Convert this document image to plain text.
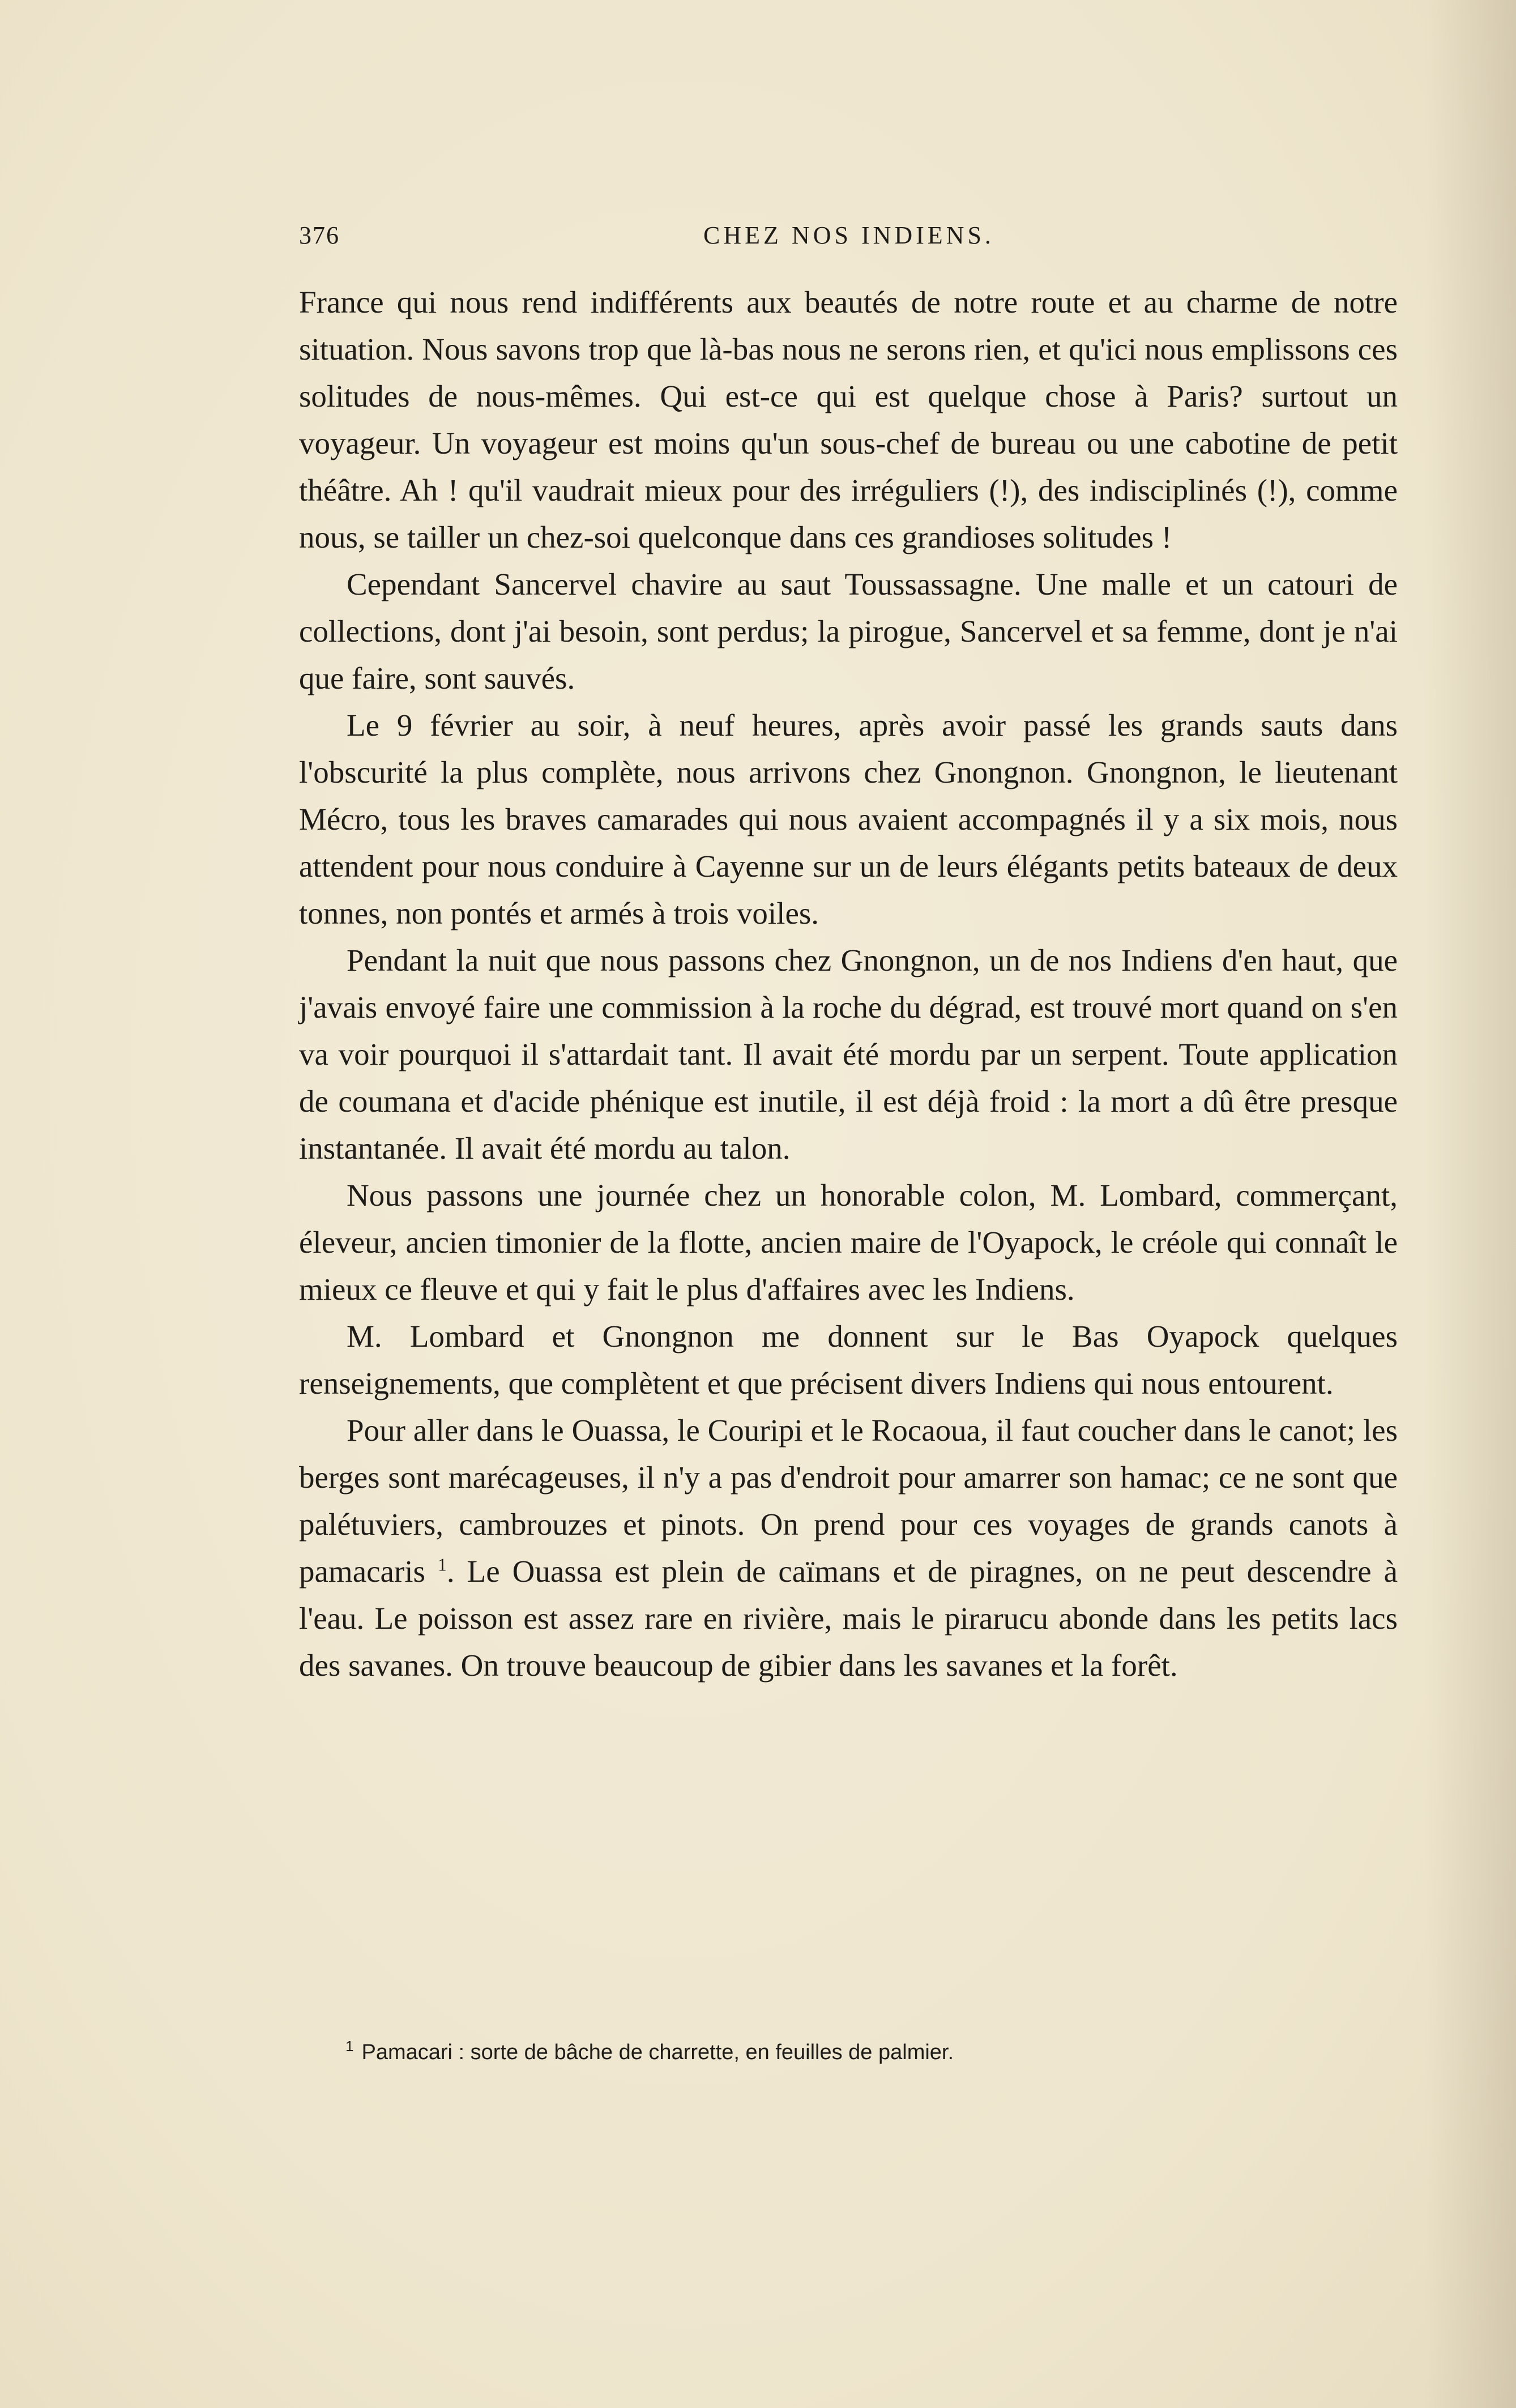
376	CHEZ NOS INDIENS.

France qui nous rend indifférents aux beautés de notre route et au charme de notre situation. Nous savons trop que là-bas nous ne serons rien, et qu'ici nous emplissons ces solitudes de nous-mêmes. Qui est-ce qui est quelque chose à Paris? surtout un voyageur. Un voyageur est moins qu'un sous-chef de bureau ou une cabotine de petit théâtre. Ah ! qu'il vaudrait mieux pour des irréguliers (!), des indisciplinés (!), comme nous, se tailler un chez-soi quelconque dans ces grandioses solitudes !

Cependant Sancervel chavire au saut Toussassagne. Une malle et un catouri de collections, dont j'ai besoin, sont perdus; la pirogue, Sancervel et sa femme, dont je n'ai que faire, sont sauvés.

Le 9 février au soir, à neuf heures, après avoir passé les grands sauts dans l'obscurité la plus complète, nous arrivons chez Gnongnon. Gnongnon, le lieutenant Mécro, tous les braves camarades qui nous avaient accompagnés il y a six mois, nous attendent pour nous conduire à Cayenne sur un de leurs élégants petits bateaux de deux tonnes, non pontés et armés à trois voiles.

Pendant la nuit que nous passons chez Gnongnon, un de nos Indiens d'en haut, que j'avais envoyé faire une commission à la roche du dégrad, est trouvé mort quand on s'en va voir pourquoi il s'attardait tant. Il avait été mordu par un serpent. Toute application de coumana et d'acide phénique est inutile, il est déjà froid : la mort a dû être presque instantanée. Il avait été mordu au talon.

Nous passons une journée chez un honorable colon, M. Lombard, commerçant, éleveur, ancien timonier de la flotte, ancien maire de l'Oyapock, le créole qui connaît le mieux ce fleuve et qui y fait le plus d'affaires avec les Indiens.

M. Lombard et Gnongnon me donnent sur le Bas Oyapock quelques renseignements, que complètent et que précisent divers Indiens qui nous entourent.

Pour aller dans le Ouassa, le Couripi et le Rocaoua, il faut coucher dans le canot; les berges sont marécageuses, il n'y a pas d'endroit pour amarrer son hamac; ce ne sont que palétuviers, cambrouzes et pinots. On prend pour ces voyages de grands canots à pamacaris $^1$. Le Ouassa est plein de caïmans et de piragnes, on ne peut descendre à l'eau. Le poisson est assez rare en rivière, mais le pirarucu abonde dans les petits lacs des savanes. On trouve beaucoup de gibier dans les savanes et la forêt.

$^1$ Pamacari : sorte de bâche de charrette, en feuilles de palmier.
